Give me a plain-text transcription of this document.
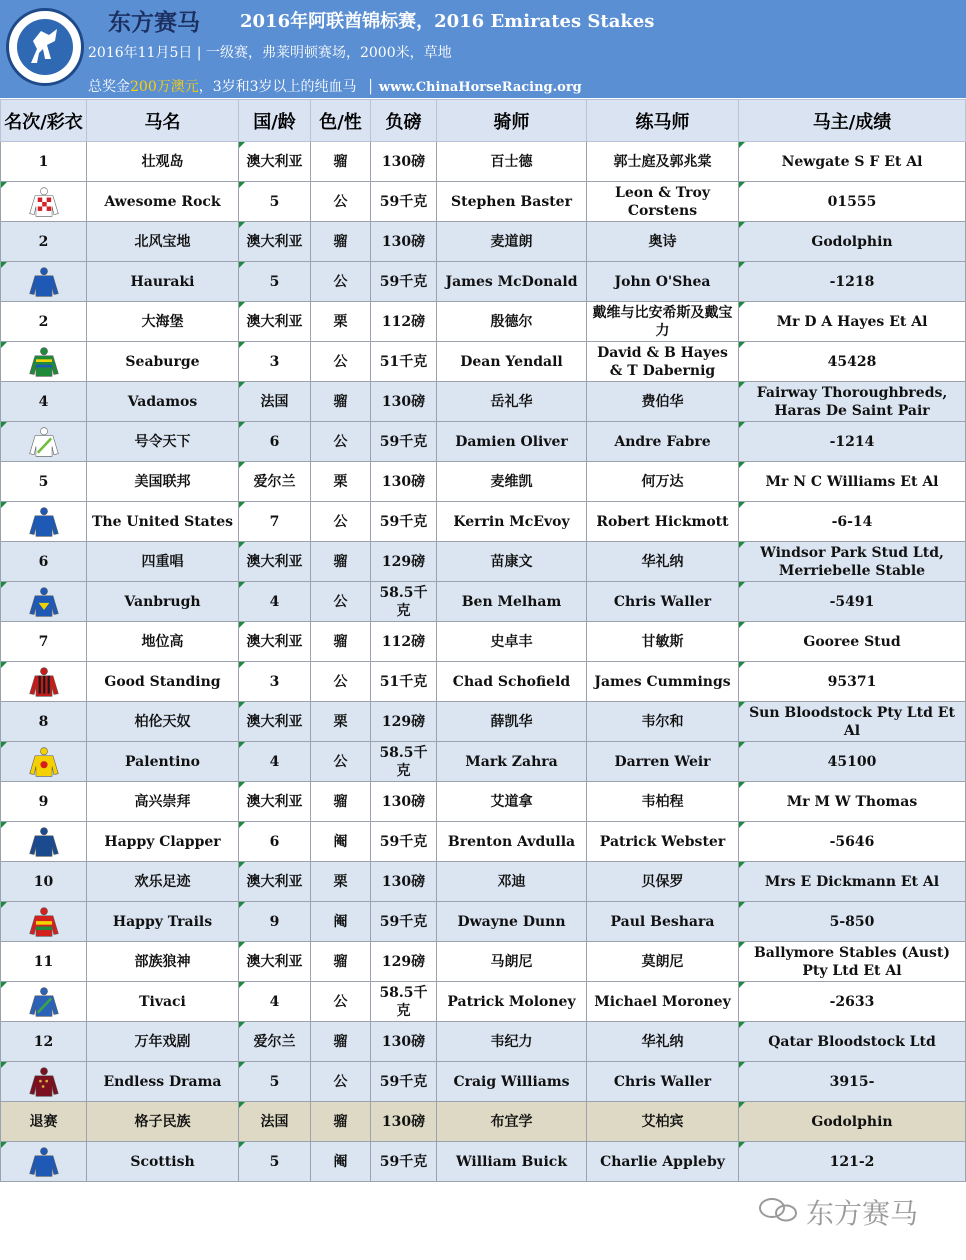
东方赛马 2016年阿联酋锦标赛，2016 Emirates Stakes
2016年11月5日 | 一级赛，弗莱明顿赛场，2000米，草地
总奖金200万澳元，3岁和3岁以上的纯血马 │ www.ChinaHorseRacing.org
名次/彩衣	马名	国/龄	色/性	负磅	骑师	练马师	马主/成绩
1	壮观岛	澳大利亚	骝	130磅	百士德	郭士庭及郭兆棠	Newgate S F Et Al
	Awesome Rock	5	公	59千克	Stephen Baster	Leon & Troy Corstens	01555
2	北风宝地	澳大利亚	骝	130磅	麦道朗	奥诗	Godolphin
	Hauraki	5	公	59千克	James McDonald	John O'Shea	-1218
2	大海堡	澳大利亚	栗	112磅	殷德尔	戴维与比安希斯及戴宝力	Mr D A Hayes Et Al
	Seaburge	3	公	51千克	Dean Yendall	David & B Hayes & T Dabernig	45428
4	Vadamos	法国	骝	130磅	岳礼华	费伯华	Fairway Thoroughbreds, Haras De Saint Pair
	号令天下	6	公	59千克	Damien Oliver	Andre Fabre	-1214
5	美国联邦	爱尔兰	栗	130磅	麦维凯	何万达	Mr N C Williams Et Al
	The United States	7	公	59千克	Kerrin McEvoy	Robert Hickmott	-6-14
6	四重唱	澳大利亚	骝	129磅	苗康文	华礼纳	Windsor Park Stud Ltd, Merriebelle Stable
	Vanbrugh	4	公	58.5千克	Ben Melham	Chris Waller	-5491
7	地位高	澳大利亚	骝	112磅	史卓丰	甘敏斯	Gooree Stud
	Good Standing	3	公	51千克	Chad Schofield	James Cummings	95371
8	柏伦天奴	澳大利亚	栗	129磅	薛凯华	韦尔和	Sun Bloodstock Pty Ltd Et Al
	Palentino	4	公	58.5千克	Mark Zahra	Darren Weir	45100
9	高兴崇拜	澳大利亚	骝	130磅	艾道拿	韦柏程	Mr M W Thomas
	Happy Clapper	6	阉	59千克	Brenton Avdulla	Patrick Webster	-5646
10	欢乐足迹	澳大利亚	栗	130磅	邓迪	贝保罗	Mrs E Dickmann Et Al
	Happy Trails	9	阉	59千克	Dwayne Dunn	Paul Beshara	5-850
11	部族狼神	澳大利亚	骝	129磅	马朗尼	莫朗尼	Ballymore Stables (Aust) Pty Ltd Et Al
	Tivaci	4	公	58.5千克	Patrick Moloney	Michael Moroney	-2633
12	万年戏剧	爱尔兰	骝	130磅	韦纪力	华礼纳	Qatar Bloodstock Ltd
	Endless Drama	5	公	59千克	Craig Williams	Chris Waller	3915-
退赛	格子民族	法国	骝	130磅	布宜学	艾柏宾	Godolphin
	Scottish	5	阉	59千克	William Buick	Charlie Appleby	121-2
东方赛马
